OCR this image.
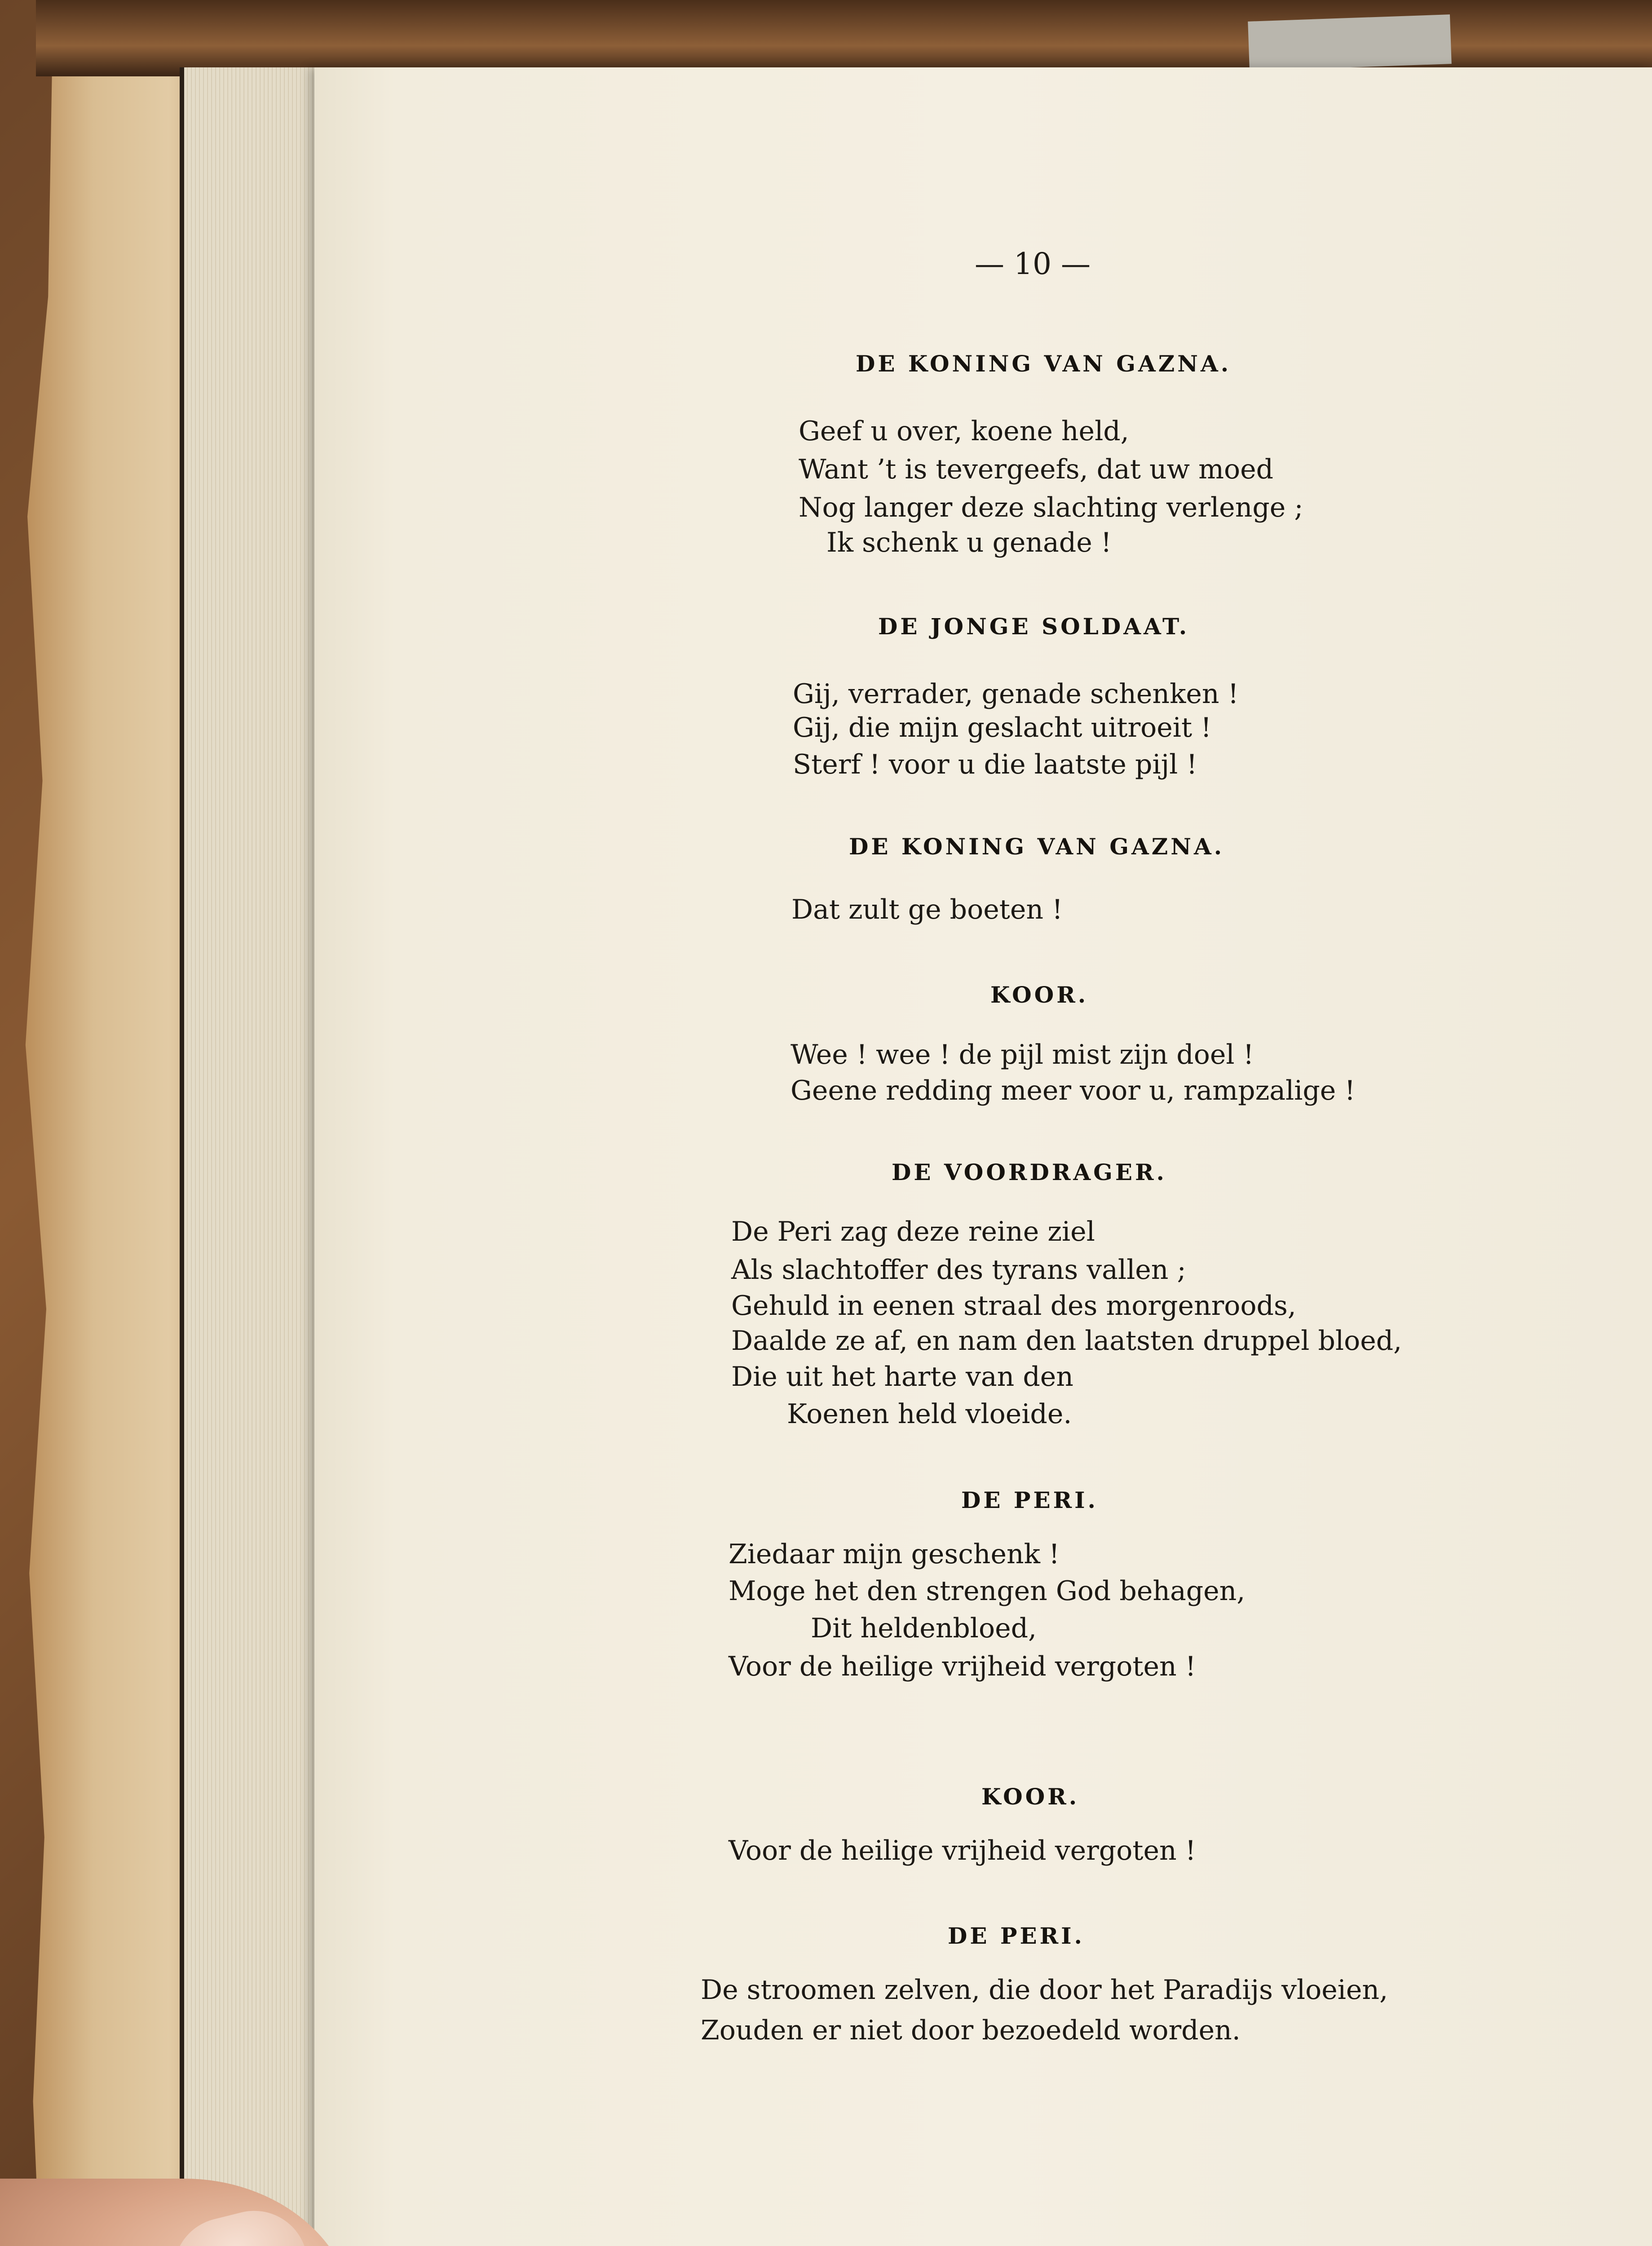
— 10 —
DE KONING VAN GAZNA.
Geef u over, koene held,
Want ’t is tevergeefs, dat uw moed
Nog langer deze slachting verlenge ;
Ik schenk u genade !
DE JONGE SOLDAAT.
Gij, verrader, genade schenken !
Gij, die mijn geslacht uitroeit !
Sterf ! voor u die laatste pijl !
DE KONING VAN GAZNA.
Dat zult ge boeten !
KOOR.
Wee ! wee ! de pijl mist zijn doel !
Geene redding meer voor u, rampzalige !
DE VOORDRAGER.
De Peri zag deze reine ziel
Als slachtoffer des tyrans vallen ;
Gehuld in eenen straal des morgenroods,
Daalde ze af, en nam den laatsten druppel bloed,
Die uit het harte van den
Koenen held vloeide.
DE PERI.
Ziedaar mijn geschenk !
Moge het den strengen God behagen,
Dit heldenbloed,
Voor de heilige vrijheid vergoten !
KOOR.
Voor de heilige vrijheid vergoten !
DE PERI.
De stroomen zelven, die door het Paradijs vloeien,
Zouden er niet door bezoedeld worden.
